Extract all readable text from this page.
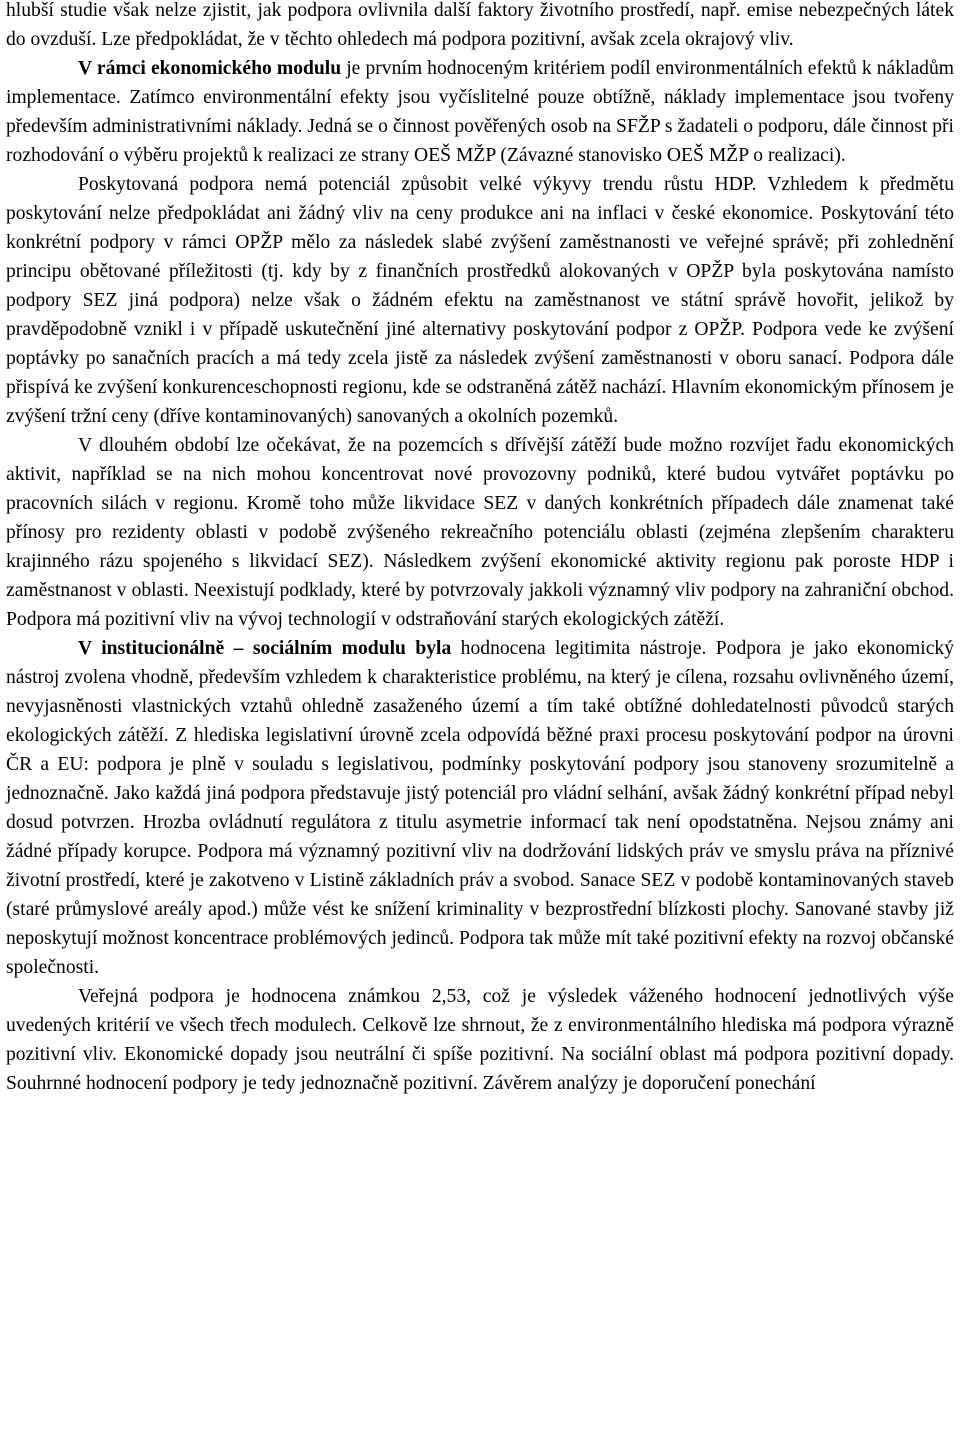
hlubší studie však nelze zjistit, jak podpora ovlivnila další faktory životního prostředí, např. emise nebezpečných látek do ovzduší. Lze předpokládat, že v těchto ohledech má podpora pozitivní, avšak zcela okrajový vliv.

V rámci ekonomického modulu je prvním hodnoceným kritériem podíl environmentálních efektů k nákladům implementace. Zatímco environmentální efekty jsou vyčíslitelné pouze obtížně, náklady implementace jsou tvořeny především administrativními náklady. Jedná se o činnost pověřených osob na SFŽP s žadateli o podporu, dále činnost při rozhodování o výběru projektů k realizaci ze strany OEŠ MŽP (Závazné stanovisko OEŠ MŽP o realizaci).

Poskytovaná podpora nemá potenciál způsobit velké výkyvy trendu růstu HDP. Vzhledem k předmětu poskytování nelze předpokládat ani žádný vliv na ceny produkce ani na inflaci v české ekonomice. Poskytování této konkrétní podpory v rámci OPŽP mělo za následek slabé zvýšení zaměstnanosti ve veřejné správě; při zohlednění principu obětované příležitosti (tj. kdy by z finančních prostředků alokovaných v OPŽP byla poskytována namísto podpory SEZ jiná podpora) nelze však o žádném efektu na zaměstnanost ve státní správě hovořit, jelikož by pravděpodobně vznikl i v případě uskutečnění jiné alternativy poskytování podpor z OPŽP. Podpora vede ke zvýšení poptávky po sanačních pracích a má tedy zcela jistě za následek zvýšení zaměstnanosti v oboru sanací. Podpora dále přispívá ke zvýšení konkurenceschopnosti regionu, kde se odstraněná zátěž nachází. Hlavním ekonomickým přínosem je zvýšení tržní ceny (dříve kontaminovaných) sanovaných a okolních pozemků.

V dlouhém období lze očekávat, že na pozemcích s dřívější zátěží bude možno rozvíjet řadu ekonomických aktivit, například se na nich mohou koncentrovat nové provozovny podniků, které budou vytvářet poptávku po pracovních silách v regionu. Kromě toho může likvidace SEZ v daných konkrétních případech dále znamenat také přínosy pro rezidenty oblasti v podobě zvýšeného rekreačního potenciálu oblasti (zejména zlepšením charakteru krajinného rázu spojeného s likvidací SEZ). Následkem zvýšení ekonomické aktivity regionu pak poroste HDP i zaměstnanost v oblasti. Neexistují podklady, které by potvrzovaly jakkoli významný vliv podpory na zahraniční obchod. Podpora má pozitivní vliv na vývoj technologií v odstraňování starých ekologických zátěží.

V institucionálně – sociálním modulu byla hodnocena legitimita nástroje. Podpora je jako ekonomický nástroj zvolena vhodně, především vzhledem k charakteristice problému, na který je cílena, rozsahu ovlivněného území, nevyjasněnosti vlastnických vztahů ohledně zasaženého území a tím také obtížné dohledatelnosti původců starých ekologických zátěží. Z hlediska legislativní úrovně zcela odpovídá běžné praxi procesu poskytování podpor na úrovni ČR a EU: podpora je plně v souladu s legislativou, podmínky poskytování podpory jsou stanoveny srozumitelně a jednoznačně. Jako každá jiná podpora představuje jistý potenciál pro vládní selhání, avšak žádný konkrétní případ nebyl dosud potvrzen. Hrozba ovládnutí regulátora z titulu asymetrie informací tak není opodstatněna. Nejsou známy ani žádné případy korupce. Podpora má významný pozitivní vliv na dodržování lidských práv ve smyslu práva na příznivé životní prostředí, které je zakotveno v Listině základních práv a svobod. Sanace SEZ v podobě kontaminovaných staveb (staré průmyslové areály apod.) může vést ke snížení kriminality v bezprostřední blízkosti plochy. Sanované stavby již neposkytují možnost koncentrace problémových jedinců. Podpora tak může mít také pozitivní efekty na rozvoj občanské společnosti.

Veřejná podpora je hodnocena známkou 2,53, což je výsledek váženého hodnocení jednotlivých výše uvedených kritérií ve všech třech modulech. Celkově lze shrnout, že z environmentálního hlediska má podpora výrazně pozitivní vliv. Ekonomické dopady jsou neutrální či spíše pozitivní. Na sociální oblast má podpora pozitivní dopady. Souhrnné hodnocení podpory je tedy jednoznačně pozitivní. Závěrem analýzy je doporučení ponechání
